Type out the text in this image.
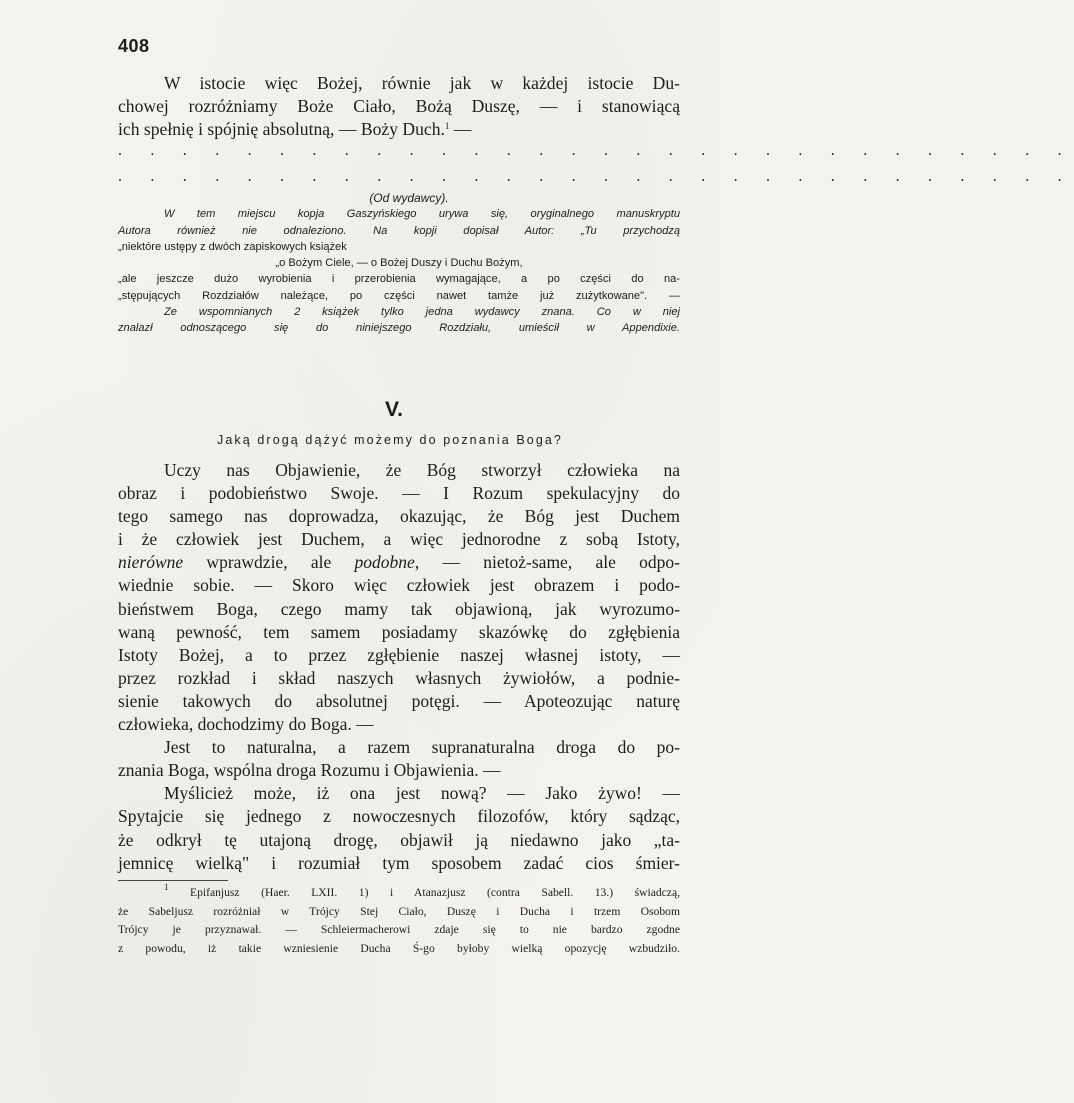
408
W istocie więc Bożej, równie jak w każdej istocie Du-
chowej rozróżniamy Boże Ciało, Bożą Duszę, — i stanowiącą
ich spełnię i spójnię absolutną, — Boży Duch.$^1$ —
. . . . . . . . . . . . . . . . . . . . . . . . . . . . . .
. . . . . . . . . . . . . . . . . . . . . . . . . . . . . .
(Od wydawcy).
W tem miejscu kopja Gaszyńskiego urywa się, oryginalnego manuskryptu
Autora również nie odnaleziono. Na kopji dopisał Autor: „Tu przychodzą
„niektóre ustępy z dwóch zapiskowych książek
„o Bożym Ciele, — o Bożej Duszy i Duchu Bożym,
„ale jeszcze dużo wyrobienia i przerobienia wymagające, a po części do na-
„stępujących Rozdziałów należące, po części nawet tamże już zużytkowane". —
Ze wspomnianych 2 książek tylko jedna wydawcy znana. Co w niej
znalazł odnoszącego się do niniejszego Rozdziału, umieścił w Appendixie.
V.
Jaką drogą dążyć możemy do poznania Boga?
Uczy nas Objawienie, że Bóg stworzył człowieka na
obraz i podobieństwo Swoje. — I Rozum spekulacyjny do
tego samego nas doprowadza, okazując, że Bóg jest Duchem
i że człowiek jest Duchem, a więc jednorodne z sobą Istoty,
nierówne wprawdzie, ale podobne, — nietoż-same, ale odpo-
wiednie sobie. — Skoro więc człowiek jest obrazem i podo-
bieństwem Boga, czego mamy tak objawioną, jak wyrozumo-
waną pewność, tem samem posiadamy skazówkę do zgłębienia
Istoty Bożej, a to przez zgłębienie naszej własnej istoty, —
przez rozkład i skład naszych własnych żywiołów, a podnie-
sienie takowych do absolutnej potęgi. — Apoteozując naturę
człowieka, dochodzimy do Boga. —
Jest to naturalna, a razem supranaturalna droga do po-
znania Boga, wspólna droga Rozumu i Objawienia. —
Myślicież może, iż ona jest nową? — Jako żywo! —
Spytajcie się jednego z nowoczesnych filozofów, który sądząc,
że odkrył tę utajoną drogę, objawił ją niedawno jako „ta-
jemnicę wielką" i rozumiał tym sposobem zadać cios śmier-
$^1$ Epifanjusz (Haer. LXII. 1) i Atanazjusz (contra Sabell. 13.) świadczą,
że Sabeljusz rozróżniał w Trójcy Stej Ciało, Duszę i Ducha i trzem Osobom
Trójcy je przyznawał. — Schleiermacherowi zdaje się to nie bardzo zgodne
z powodu, iż takie wzniesienie Ducha Ś-go byłoby wielką opozycję wzbudziło.
